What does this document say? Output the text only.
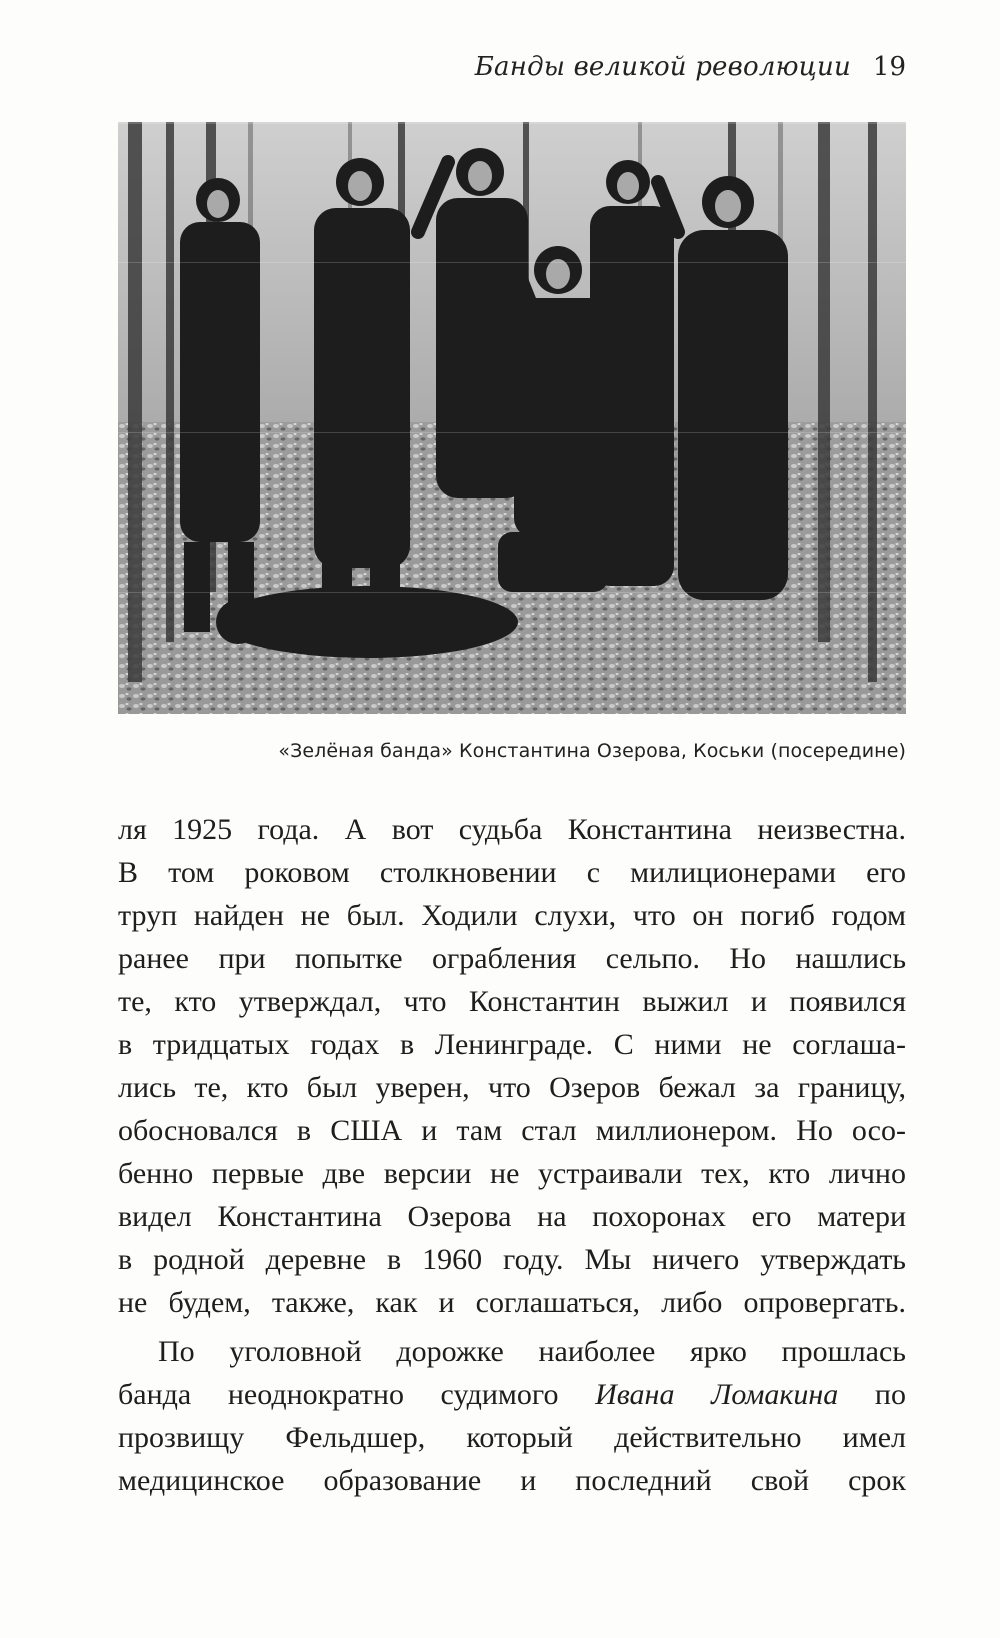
Банды великой революции 19
«Зелёная банда» Константина Озерова, Коськи (посередине)
ля 1925 года. А вот судьба Константина неизвестна.
В том роковом столкновении с милиционерами его
труп найден не был. Ходили слухи, что он погиб годом
ранее при попытке ограбления сельпо. Но нашлись
те, кто утверждал, что Константин выжил и появился
в тридцатых годах в Ленинграде. С ними не соглаша-
лись те, кто был уверен, что Озеров бежал за границу,
обосновался в США и там стал миллионером. Но осо-
бенно первые две версии не устраивали тех, кто лично
видел Константина Озерова на похоронах его матери
в родной деревне в 1960 году. Мы ничего утверждать
не будем, также, как и соглашаться, либо опровергать.
По уголовной дорожке наиболее ярко прошлась
банда неоднократно судимого Ивана Ломакина по
прозвищу Фельдшер, который действительно имел
медицинское образование и последний свой срок
